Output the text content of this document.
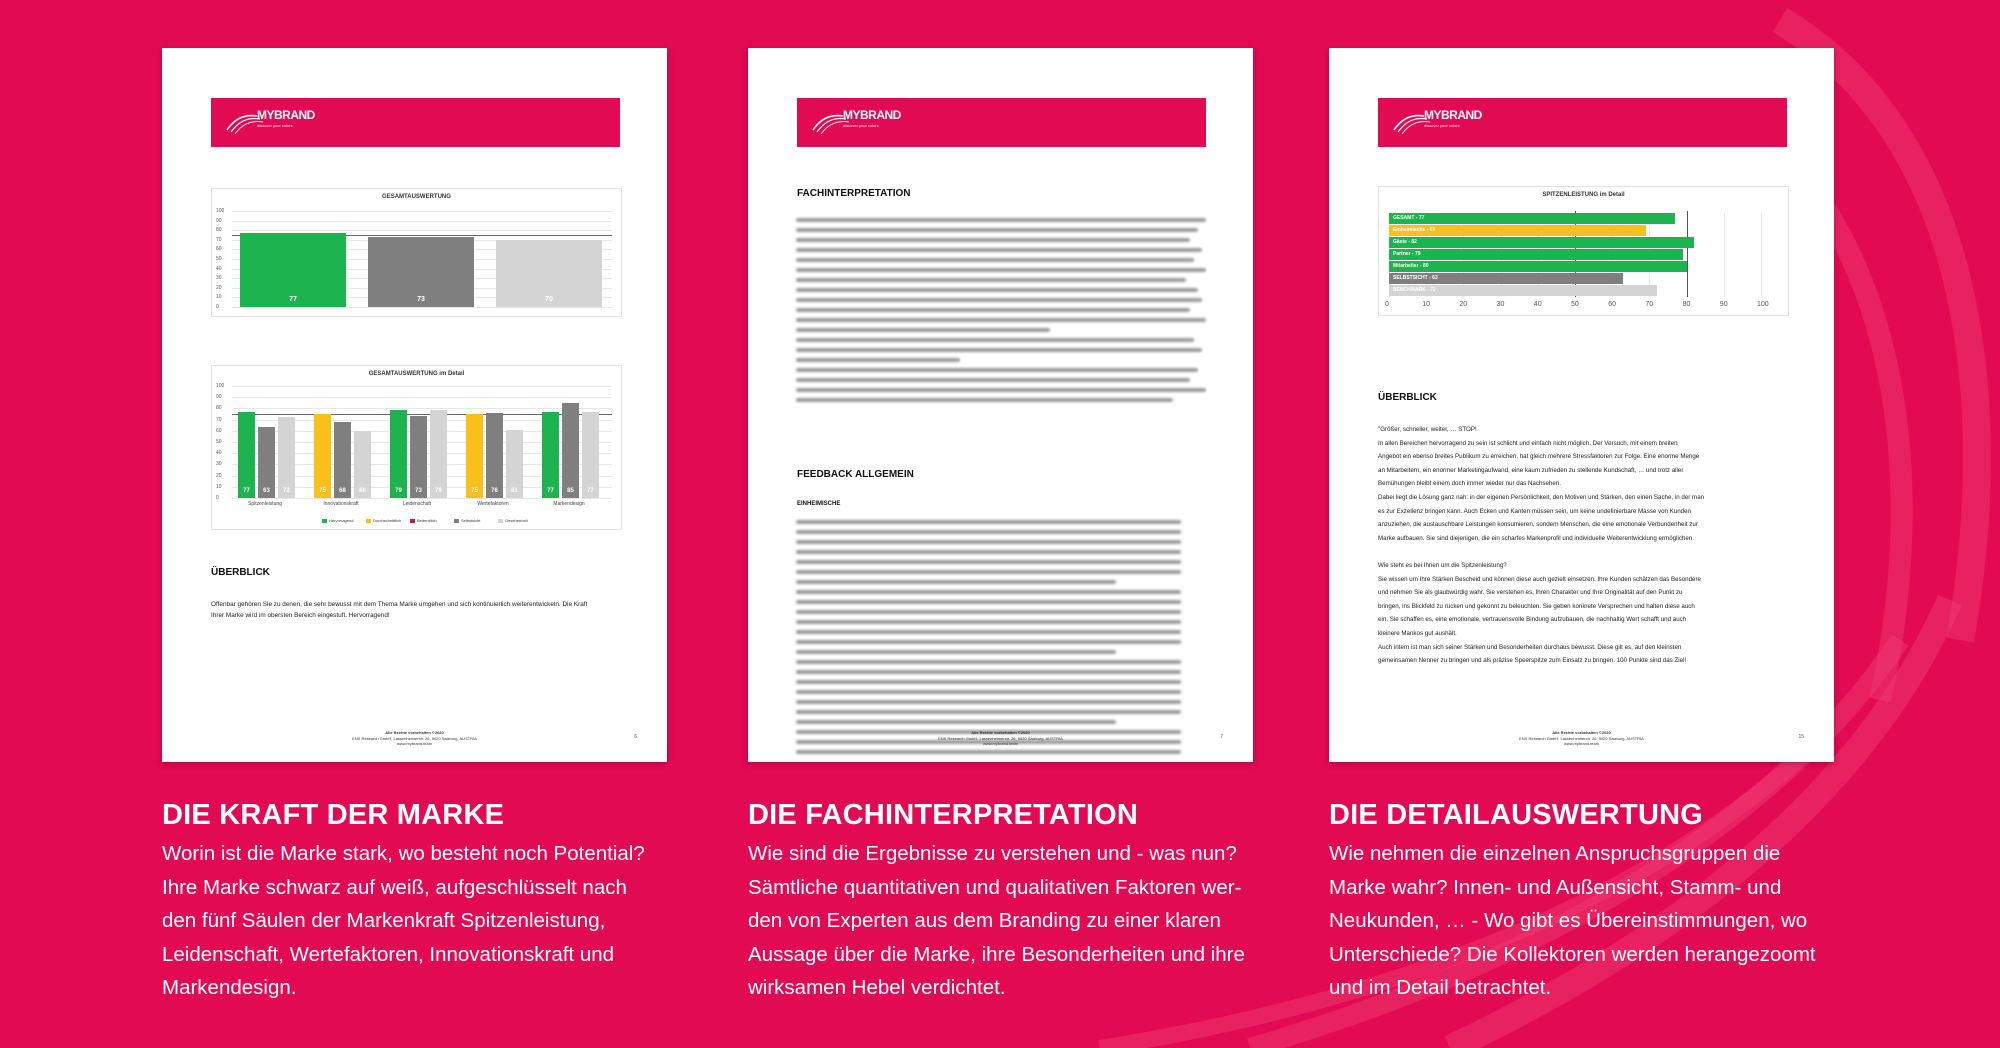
MYBRAND
discover your colors
GESAMTAUSWERTUNG
100
90
80
70
60
50
40
30
20
10
0
77	73	70
GESAMTAUSWERTUNG im Detail
100
90
80
70
60
50
40
30
20
10
0
77	63	72
Spitzenleistung
75	68	60
Innovationskraft
79	73	79
Leidenschaft
75	76	61
Wertefaktoren
77	85	77
Markendesign
Hervorragend	Durchschnittlich	Bedenklich	Selbstsicht	Gesehenheit
ÜBERBLICK
Offenbar gehören Sie zu denen, die sehr bewusst mit dem Thema Marke umgehen und sich kontinuierlich weiterentwickeln. Die Kraft Ihrer Marke wird im obersten Bereich eingestuft. Hervorragend!
Alle Rechte vorbehalten ©2020
ENS Research GmbH, Lassenheimerstr. 26, 9020 Salzburg, AUSTRIA
www.mybrand.team
6
MYBRAND
discover your colors
FACHINTERPRETATION
FEEDBACK ALLGEMEIN
EINHEIMISCHE
Alle Rechte vorbehalten ©2020
ENS Research GmbH, Lassenheimerstr. 26, 9020 Salzburg, AUSTRIA
www.mybrand.team
7
MYBRAND
discover your colors
SPITZENLEISTUNG im Detail
0	10	20	30	40	50	60	70	80	90	100
GESAMT - 77
Einheimische - 69
Gäste - 82
Partner - 79
Mitarbeiter - 80
SELBSTSICHT - 63
BENCHMARK - 72
ÜBERBLICK
"Größer, schneller, weiter, … STOP!
In allen Bereichen hervorragend zu sein ist schlicht und einfach nicht möglich. Der Versuch, mit einem breiten
Angebot ein ebenso breites Publikum zu erreichen, hat gleich mehrere Stressfaktoren zur Folge: Eine enorme Menge
an Mitarbeitern, ein enormer Marketingaufwand, eine kaum zufrieden zu stellende Kundschaft, … und trotz aller
Bemühungen bleibt einem doch immer wieder nur das Nachsehen.
Dabei liegt die Lösung ganz nah: in der eigenen Persönlichkeit, den Motiven und Stärken, den einen Sache, in der man
es zur Exzellenz bringen kann. Auch Ecken und Kanten müssen sein, um keine undefinierbare Masse von Kunden
anzuziehen, die austauschbare Leistungen konsumieren, sondern Menschen, die eine emotionale Verbundenheit zur
Marke aufbauen. Sie sind diejenigen, die ein scharfes Markenprofil und individuelle Weiterentwicklung ermöglichen.
Wie steht es bei Ihnen um die Spitzenleistung?
Sie wissen um Ihre Stärken Bescheid und können diese auch gezielt einsetzen. Ihre Kunden schätzen das Besondere
und nehmen Sie als glaubwürdig wahr. Sie verstehen es, Ihren Charakter und Ihre Originalität auf den Punkt zu
bringen, ins Blickfeld zu rücken und gekonnt zu beleuchten. Sie geben konkrete Versprechen und halten diese auch
ein. Sie schaffen es, eine emotionale, vertrauensvolle Bindung aufzubauen, die nachhaltig Wert schafft und auch
kleinere Mankos gut aushält.
Auch intern ist man sich seiner Stärken und Besonderheiten durchaus bewusst. Diese gilt es, auf den kleinsten
gemeinsamen Nenner zu bringen und als präzise Speerspitze zum Einsatz zu bringen. 100 Punkte sind das Ziel!
Alle Rechte vorbehalten ©2020
ENS Research GmbH, Lassenheimerstr. 26, 9020 Salzburg, AUSTRIA
www.mybrand.team
15
DIE KRAFT DER MARKE
Worin ist die Marke stark, wo besteht noch Potential?
Ihre Marke schwarz auf weiß, aufgeschlüsselt nach
den fünf Säulen der Markenkraft Spitzenleistung,
Leidenschaft, Wertefaktoren, Innovationskraft und
Markendesign.
DIE FACHINTERPRETATION
Wie sind die Ergebnisse zu verstehen und - was nun?
Sämtliche quantitativen und qualitativen Faktoren wer-
den von Experten aus dem Branding zu einer klaren
Aussage über die Marke, ihre Besonderheiten und ihre
wirksamen Hebel verdichtet.
DIE DETAILAUSWERTUNG
Wie nehmen die einzelnen Anspruchsgruppen die
Marke wahr? Innen- und Außensicht, Stamm- und
Neukunden, … - Wo gibt es Übereinstimmungen, wo
Unterschiede? Die Kollektoren werden herangezoomt
und im Detail betrachtet.
